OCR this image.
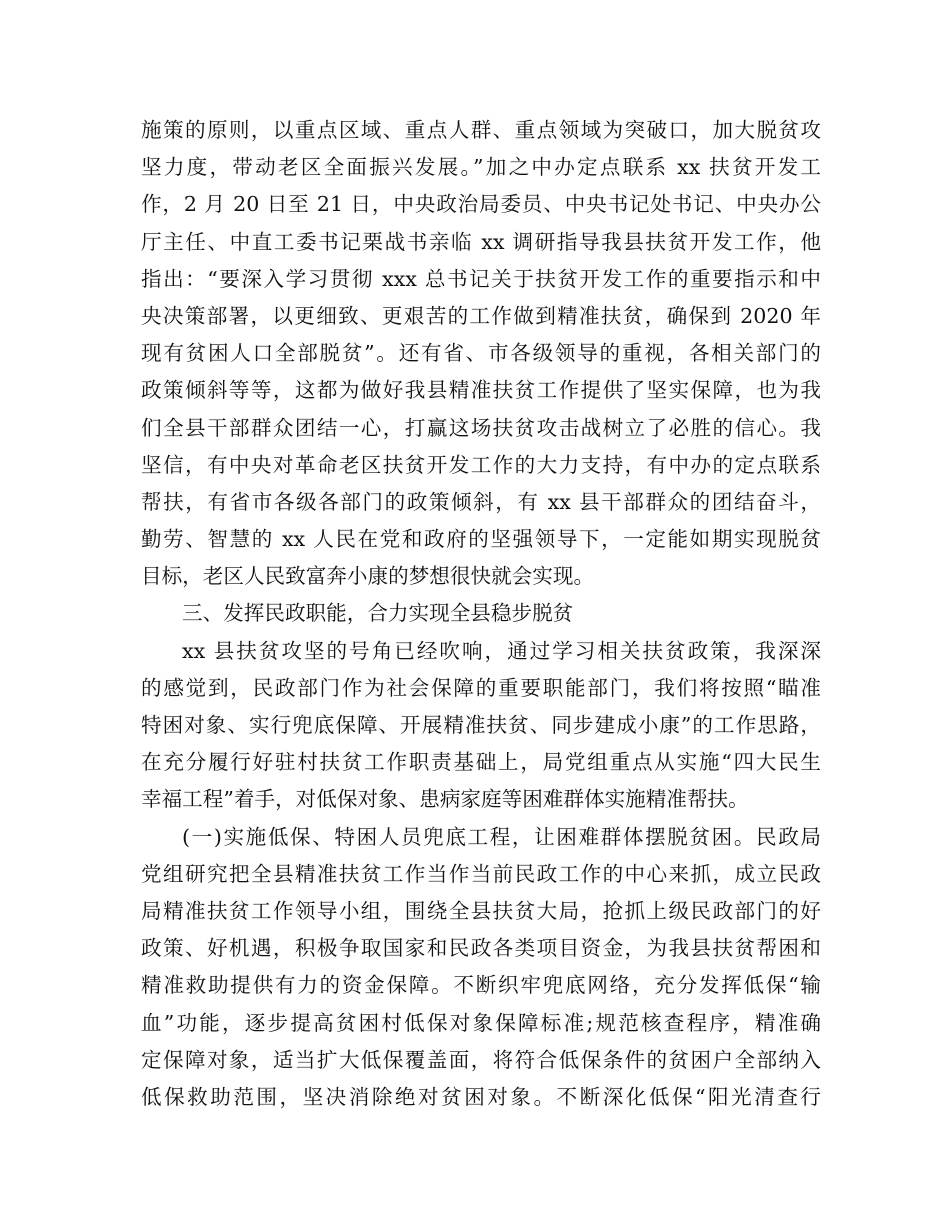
施策的原则，以重点区域、重点人群、重点领域为突破口，加大脱贫攻
坚力度，带动老区全面振兴发展。”加之中办定点联系 xx 扶贫开发工
作，2 月 20 日至 21 日，中央政治局委员、中央书记处书记、中央办公
厅主任、中直工委书记栗战书亲临 xx 调研指导我县扶贫开发工作，他
指出：“要深入学习贯彻 xxx 总书记关于扶贫开发工作的重要指示和中
央决策部署，以更细致、更艰苦的工作做到精准扶贫，确保到 2020 年
现有贫困人口全部脱贫”。还有省、市各级领导的重视，各相关部门的
政策倾斜等等，这都为做好我县精准扶贫工作提供了坚实保障，也为我
们全县干部群众团结一心，打赢这场扶贫攻击战树立了必胜的信心。我
坚信，有中央对革命老区扶贫开发工作的大力支持，有中办的定点联系
帮扶，有省市各级各部门的政策倾斜，有 xx 县干部群众的团结奋斗，
勤劳、智慧的 xx 人民在党和政府的坚强领导下，一定能如期实现脱贫
目标，老区人民致富奔小康的梦想很快就会实现。
三、发挥民政职能，合力实现全县稳步脱贫
xx 县扶贫攻坚的号角已经吹响，通过学习相关扶贫政策，我深深
的感觉到，民政部门作为社会保障的重要职能部门，我们将按照“瞄准
特困对象、实行兜底保障、开展精准扶贫、同步建成小康”的工作思路，
在充分履行好驻村扶贫工作职责基础上，局党组重点从实施“四大民生
幸福工程”着手，对低保对象、患病家庭等困难群体实施精准帮扶。
(一)实施低保、特困人员兜底工程，让困难群体摆脱贫困。民政局
党组研究把全县精准扶贫工作当作当前民政工作的中心来抓，成立民政
局精准扶贫工作领导小组，围绕全县扶贫大局，抢抓上级民政部门的好
政策、好机遇，积极争取国家和民政各类项目资金，为我县扶贫帮困和
精准救助提供有力的资金保障。不断织牢兜底网络，充分发挥低保“输
血”功能，逐步提高贫困村低保对象保障标准;规范核查程序，精准确
定保障对象，适当扩大低保覆盖面，将符合低保条件的贫困户全部纳入
低保救助范围，坚决消除绝对贫困对象。不断深化低保“阳光清查行
